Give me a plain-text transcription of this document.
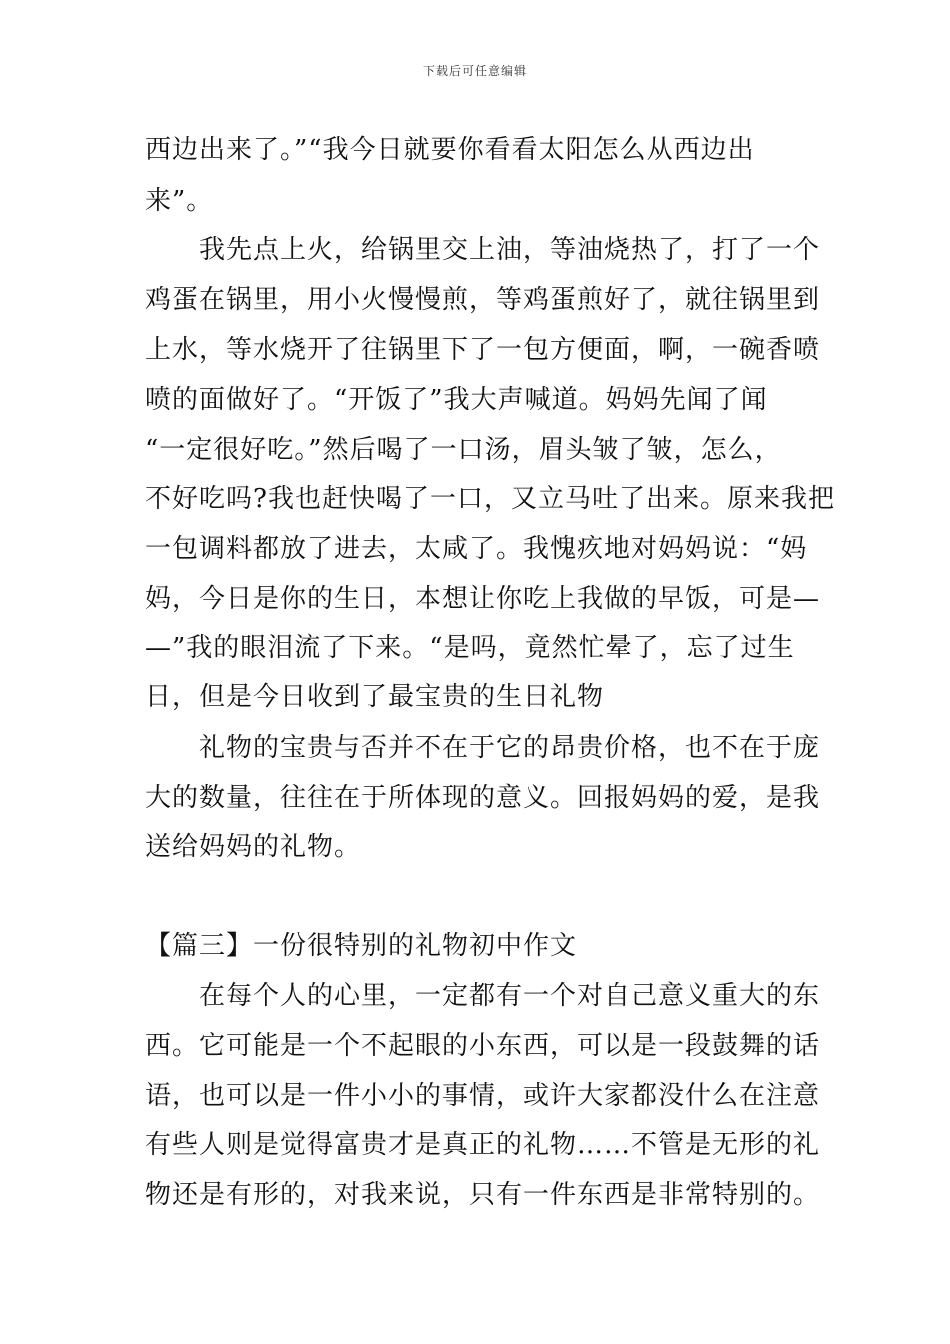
下载后可任意编辑
西边出来了。”“我今日就要你看看太阳怎么从西边出
来”。
　　我先点上火，给锅里交上油，等油烧热了，打了一个
鸡蛋在锅里，用小火慢慢煎，等鸡蛋煎好了，就往锅里到
上水，等水烧开了往锅里下了一包方便面，啊，一碗香喷
喷的面做好了。“开饭了”我大声喊道。妈妈先闻了闻
“一定很好吃。”然后喝了一口汤，眉头皱了皱，怎么，
不好吃吗?我也赶快喝了一口，又立马吐了出来。原来我把
一包调料都放了进去，太咸了。我愧疚地对妈妈说：“妈
妈，今日是你的生日，本想让你吃上我做的早饭，可是—
—”我的眼泪流了下来。“是吗，竟然忙晕了，忘了过生
日，但是今日收到了最宝贵的生日礼物
　　礼物的宝贵与否并不在于它的昂贵价格，也不在于庞
大的数量，往往在于所体现的意义。回报妈妈的爱，是我
送给妈妈的礼物。
【篇三】一份很特别的礼物初中作文
　　在每个人的心里，一定都有一个对自己意义重大的东
西。它可能是一个不起眼的小东西，可以是一段鼓舞的话
语，也可以是一件小小的事情，或许大家都没什么在注意
有些人则是觉得富贵才是真正的礼物……不管是无形的礼
物还是有形的，对我来说，只有一件东西是非常特别的。
